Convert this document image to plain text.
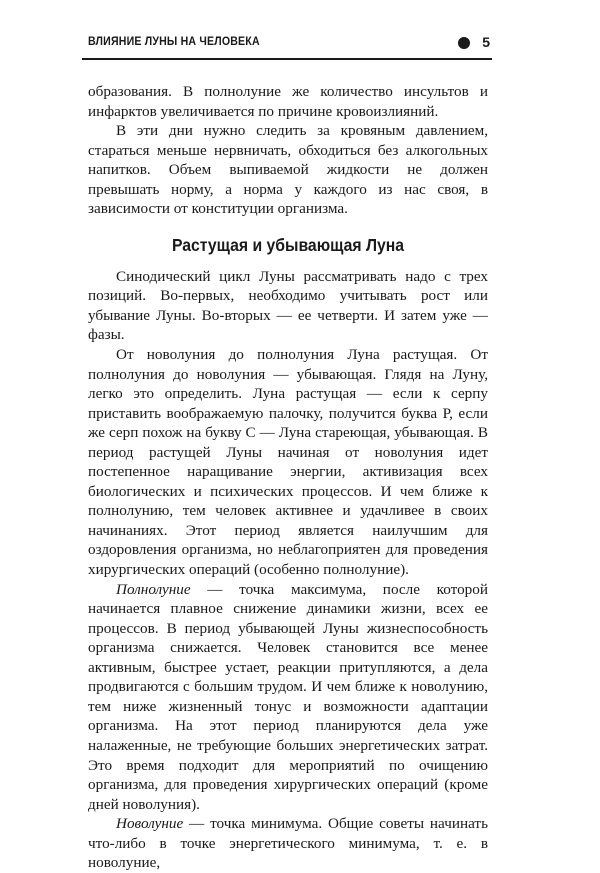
ВЛИЯНИЕ ЛУНЫ НА ЧЕЛОВЕКА	5

образования. В полнолуние же количество инсультов и инфарктов увеличивается по причине кровоизлияний.

В эти дни нужно следить за кровяным давлением, стараться меньше нервничать, обходиться без алкогольных напитков. Объем выпиваемой жидкости не должен превышать норму, а норма у каждого из нас своя, в зависимости от конституции организма.

Растущая и убывающая Луна

Синодический цикл Луны рассматривать надо с трех позиций. Во-первых, необходимо учитывать рост или убывание Луны. Во-вторых — ее четверти. И затем уже — фазы.

От новолуния до полнолуния Луна растущая. От полнолуния до новолуния — убывающая. Глядя на Луну, легко это определить. Луна растущая — если к серпу приставить воображаемую палочку, получится буква Р, если же серп похож на букву С — Луна стареющая, убывающая. В период растущей Луны начиная от новолуния идет постепенное наращивание энергии, активизация всех биологических и психических процессов. И чем ближе к полнолунию, тем человек активнее и удачливее в своих начинаниях. Этот период является наилучшим для оздоровления организма, но неблагоприятен для проведения хирургических операций (особенно полнолуние).

Полнолуние — точка максимума, после которой начинается плавное снижение динамики жизни, всех ее процессов. В период убывающей Луны жизнеспособность организма снижается. Человек становится все менее активным, быстрее устает, реакции притупляются, а дела продвигаются с большим трудом. И чем ближе к новолунию, тем ниже жизненный тонус и возможности адаптации организма. На этот период планируются дела уже налаженные, не требующие больших энергетических затрат. Это время подходит для мероприятий по очищению организма, для проведения хирургических операций (кроме дней новолуния).

Новолуние — точка минимума. Общие советы начинать что-либо в точке энергетического минимума, т. е. в новолуние,
